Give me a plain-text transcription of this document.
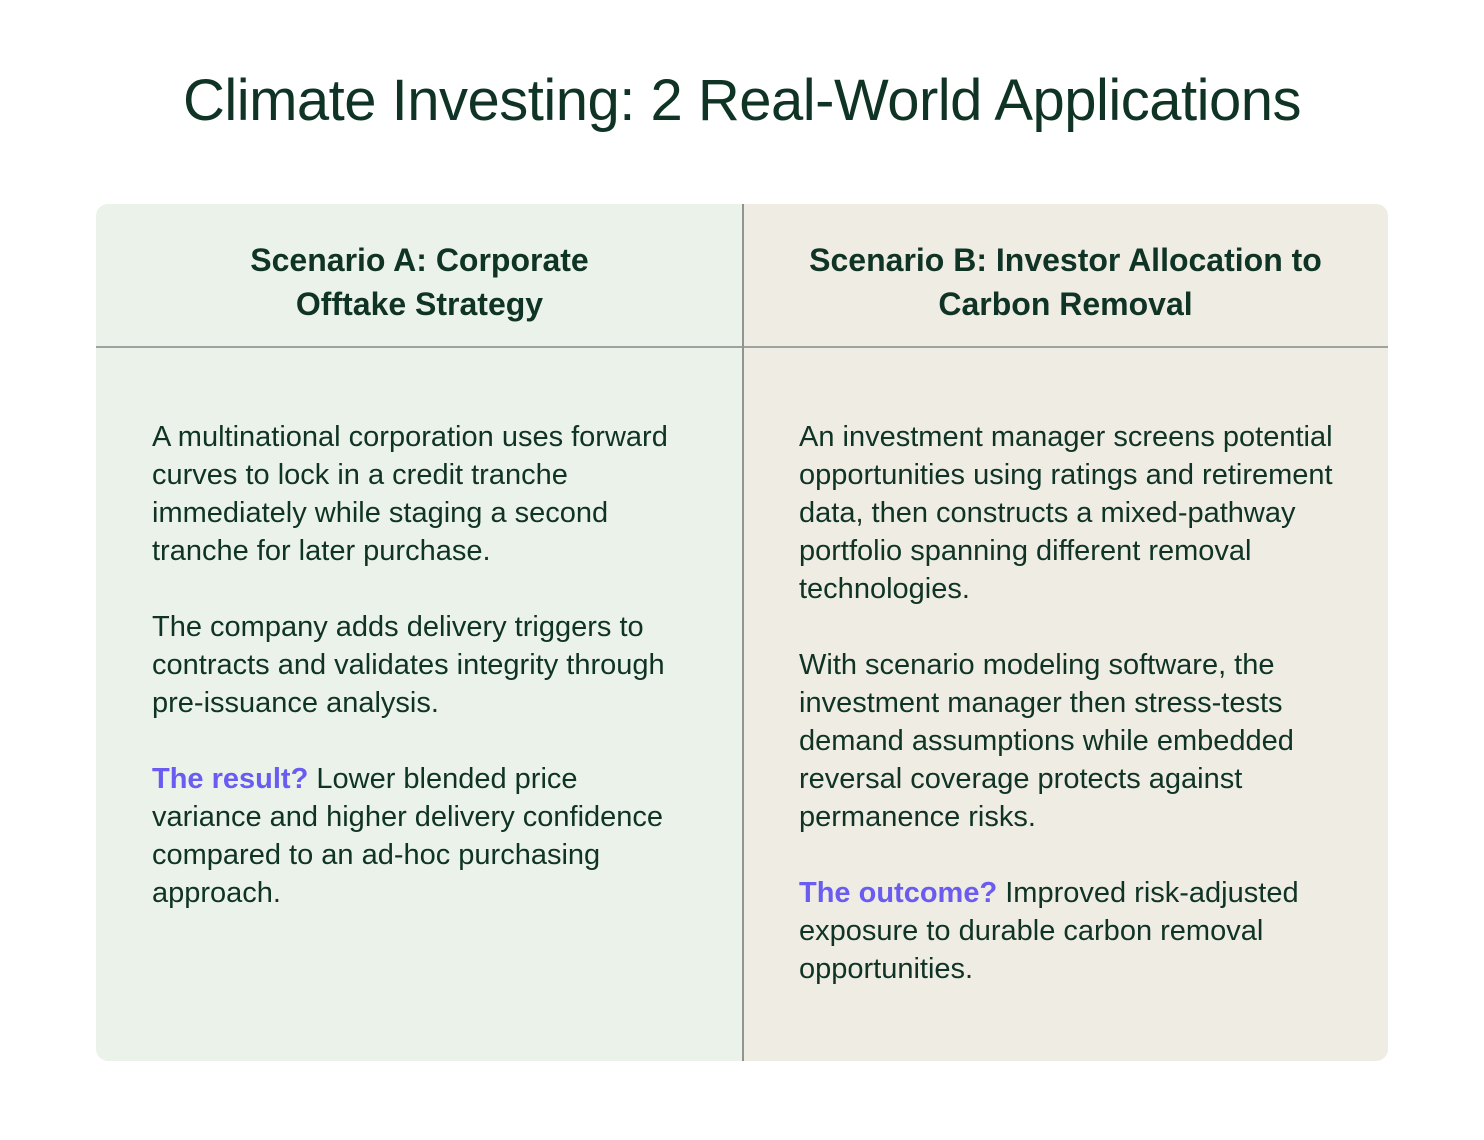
Climate Investing: 2 Real-World Applications
Scenario A: Corporate Offtake Strategy

A multinational corporation uses forward curves to lock in a credit tranche immediately while staging a second tranche for later purchase.

The company adds delivery triggers to contracts and validates integrity through pre-issuance analysis.

The result? Lower blended price variance and higher delivery confidence compared to an ad-hoc purchasing approach.

Scenario B: Investor Allocation to Carbon Removal

An investment manager screens potential opportunities using ratings and retirement data, then constructs a mixed-pathway portfolio spanning different removal technologies.

With scenario modeling software, the investment manager then stress-tests demand assumptions while embedded reversal coverage protects against permanence risks.

The outcome? Improved risk-adjusted exposure to durable carbon removal opportunities.
